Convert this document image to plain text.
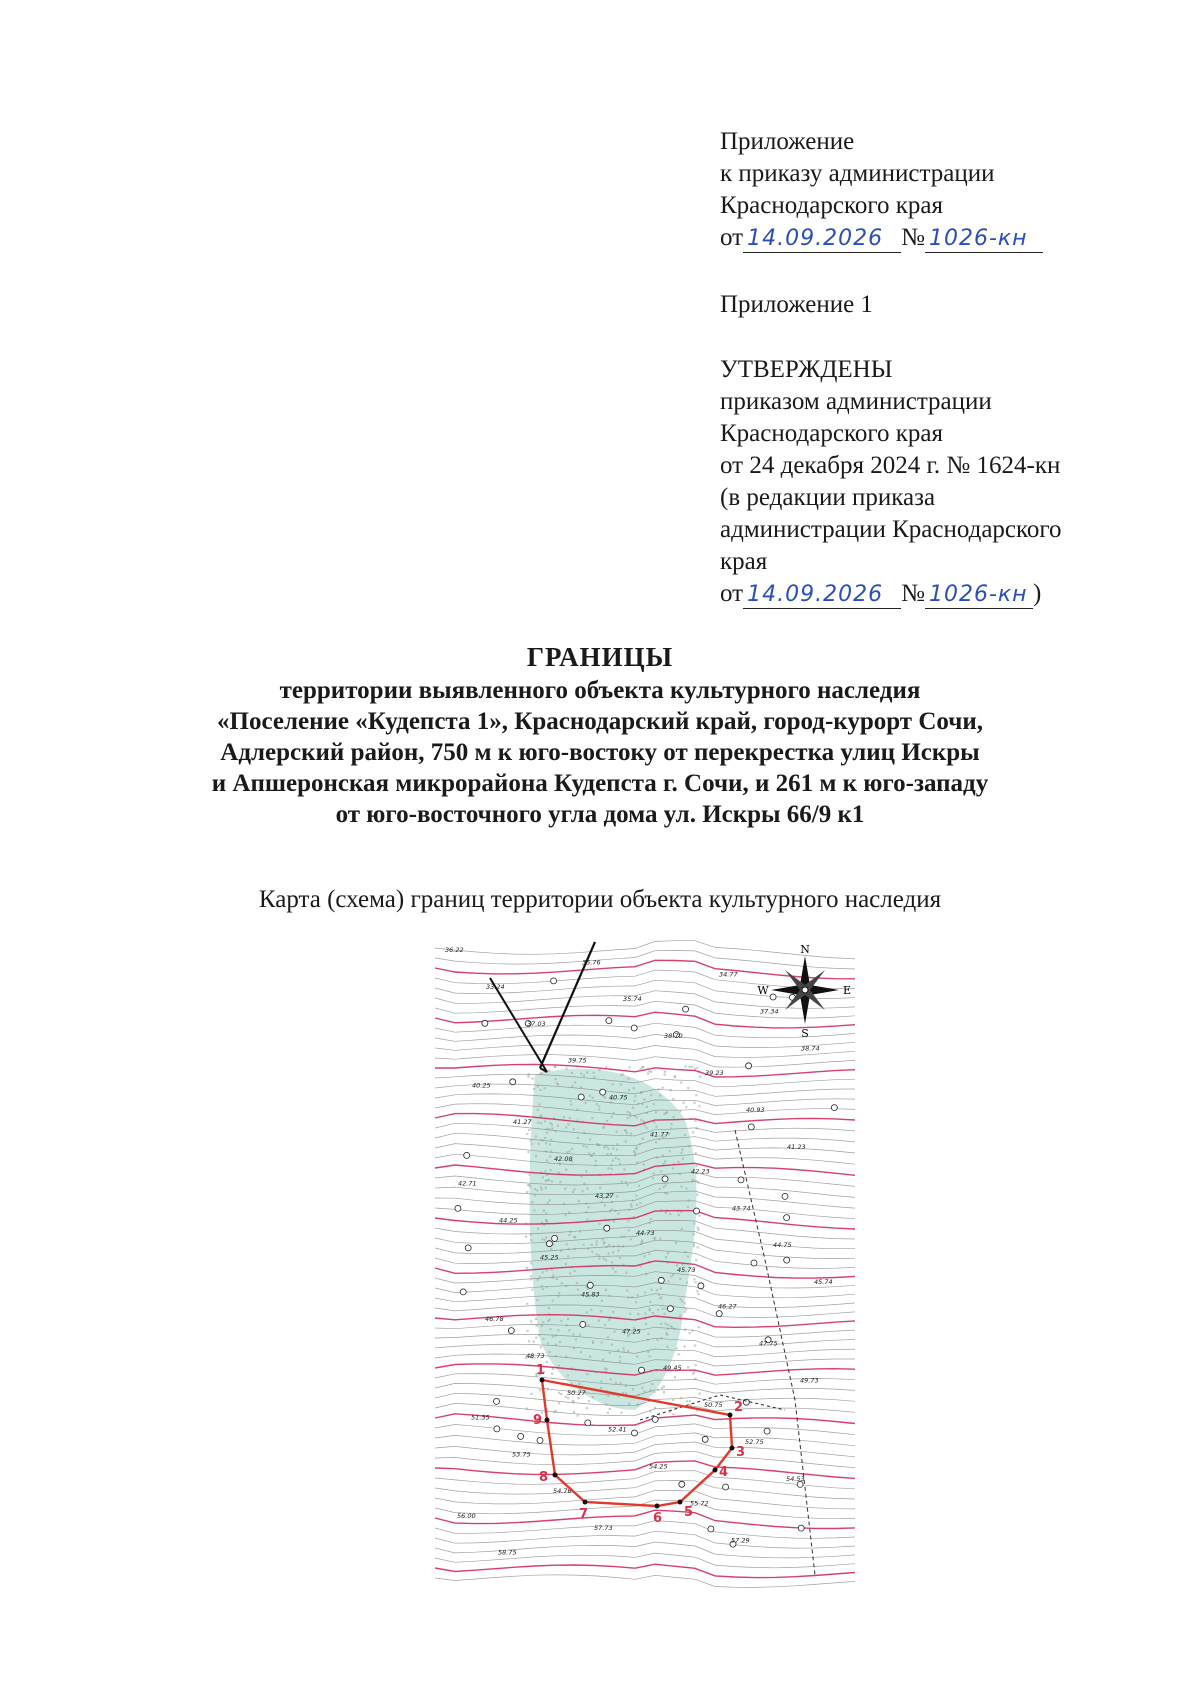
Приложение
к приказу администрации
Краснодарского края
от 14.09.2026 № 1026-кн
Приложение 1
УТВЕРЖДЕНЫ
приказом администрации
Краснодарского края
от 24 декабря 2024 г. № 1624-кн
(в редакции приказа
администрации Краснодарского
края
от 14.09.2026 № 1026-кн )
ГРАНИЦЫ
территории выявленного объекта культурного наследия
«Поселение «Кудепста 1», Краснодарский край, город-курорт Сочи,
Адлерский район, 750 м к юго-востоку от перекрестка улиц Искры
и Апшеронская микрорайона Кудепста г. Сочи, и 261 м к юго-западу
от юго-восточного угла дома ул. Искры 66/9 к1
Карта (схема) границ территории объекта культурного наследия
36.22
35.76
34.77
33.24
35.74
37.34
37.03
38.70
38.74
39.75
39.23
40.25
40.75
40.93
41.27
41.77
41.23
42.08
42.23
42.71
43.27
43.74
44.25
44.73
44.75
45.25
45.73
45.74
45.83
46.27
46.78
47.25
47.75
48.73
49.45
49.73
50.27
50.75
51.35
52.41
52.75
53.75
54.25
54.53
54.76
55.72
56.00
57.73
57.29
58.75
1
2
3
4
5
6
7
8
9
N
S
E
W
